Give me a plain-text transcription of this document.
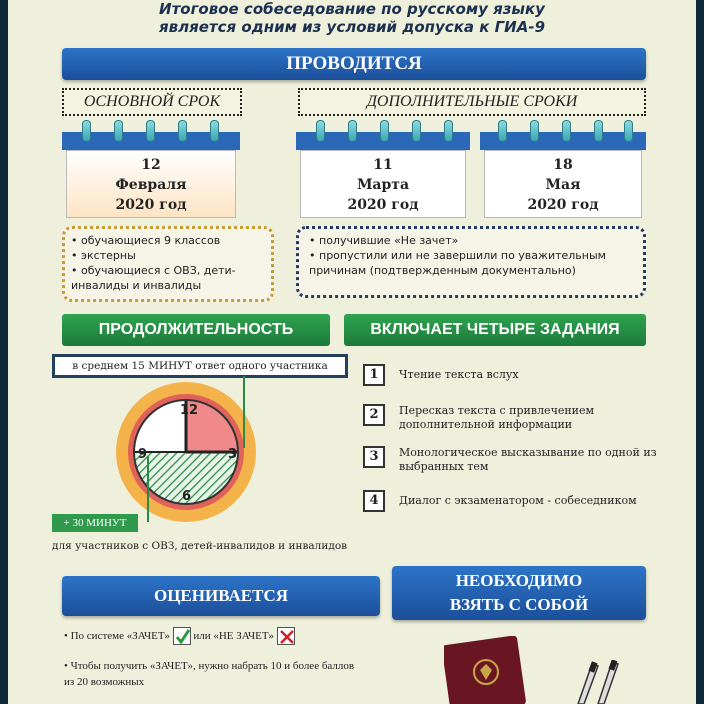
Итоговое собеседование по русскому языку
является одним из условий допуска к ГИА-9
ПРОВОДИТСЯ
ОСНОВНОЙ СРОК	ДОПОЛНИТЕЛЬНЫЕ СРОКИ
12
Февраля
2020 год
11
Марта
2020 год
18
Мая
2020 год
• обучающиеся 9 классов
• экстерны
• обучающиеся с ОВЗ, дети-инвалиды и инвалиды
• получившие «Не зачет»
• пропустили или не завершили по уважительным причинам (подтвержденным документально)
ПРОДОЛЖИТЕЛЬНОСТЬ
в среднем 15 МИНУТ ответ одного участника
12
3
6
9
+ 30 МИНУТ
для участников с ОВЗ, детей-инвалидов и инвалидов
ВКЛЮЧАЕТ ЧЕТЫРЕ ЗАДАНИЯ
1	Чтение текста вслух
2	Пересказ текста с привлечением дополнительной информации
3	Монологическое высказывание по одной из выбранных тем
4	Диалог с экзаменатором - собеседником
ОЦЕНИВАЕТСЯ
• По системе «ЗАЧЕТ» или «НЕ ЗАЧЕТ»
• Чтобы получить «ЗАЧЕТ», нужно набрать 10 и более баллов из 20 возможных
НЕОБХОДИМО
ВЗЯТЬ С СОБОЙ
